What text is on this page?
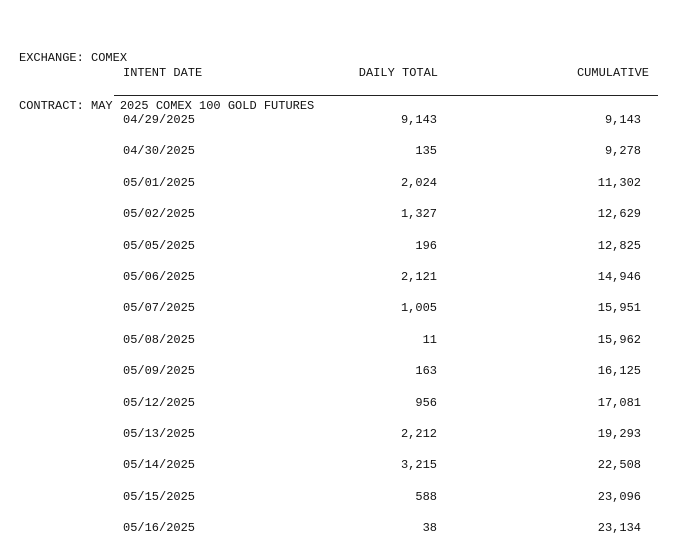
EXCHANGE: COMEX

CONTRACT: MAY 2025 COMEX 100 GOLD FUTURES

INTENT DATE	DAILY TOTAL	CUMULATIVE
04/29/2025	9,143	9,143
04/30/2025	135	9,278
05/01/2025	2,024	11,302
05/02/2025	1,327	12,629
05/05/2025	196	12,825
05/06/2025	2,121	14,946
05/07/2025	1,005	15,951
05/08/2025	11	15,962
05/09/2025	163	16,125
05/12/2025	956	17,081
05/13/2025	2,212	19,293
05/14/2025	3,215	22,508
05/15/2025	588	23,096
05/16/2025	38	23,134
